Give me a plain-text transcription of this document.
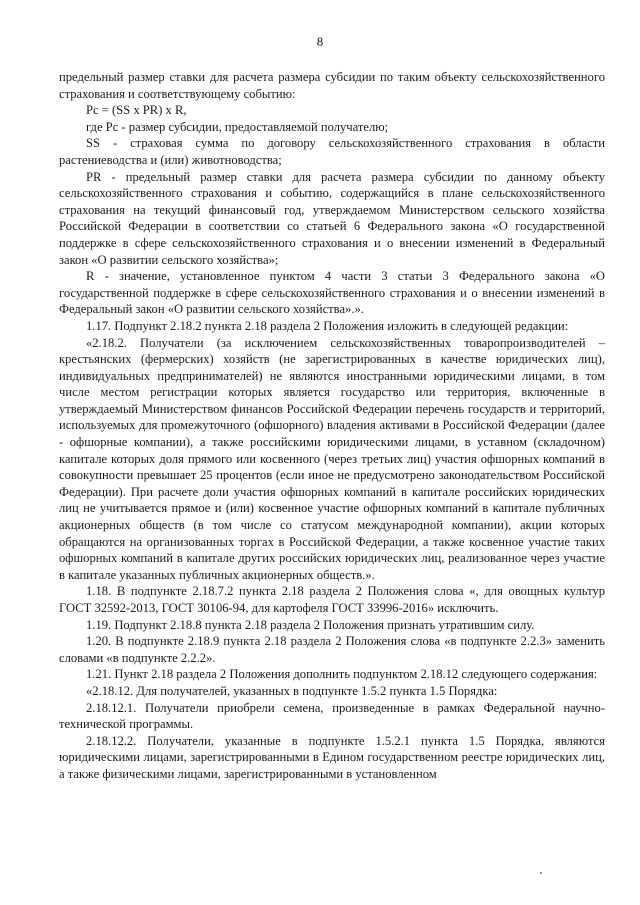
8

предельный размер ставки для расчета размера субсидии по таким объекту сельскохозяйственного страхования и соответствующему событию:

Рс = (SS x PR) x R,

где Рс - размер субсидии, предоставляемой получателю;

SS - страховая сумма по договору сельскохозяйственного страхования в области растениеводства и (или) животноводства;

PR - предельный размер ставки для расчета размера субсидии по данному объекту сельскохозяйственного страхования и событию, содержащийся в плане сельскохозяйственного страхования на текущий финансовый год, утверждаемом Министерством сельского хозяйства Российской Федерации в соответствии со статьей 6 Федерального закона «О государственной поддержке в сфере сельскохозяйственного страхования и о внесении изменений в Федеральный закон «О развитии сельского хозяйства»;

R - значение, установленное пунктом 4 части 3 статьи 3 Федерального закона «О государственной поддержке в сфере сельскохозяйственного страхования и о внесении изменений в Федеральный закон «О развитии сельского хозяйства».».

1.17. Подпункт 2.18.2 пункта 2.18 раздела 2 Положения изложить в следующей редакции:

«2.18.2. Получатели (за исключением сельскохозяйственных товаропроизводителей – крестьянских (фермерских) хозяйств (не зарегистрированных в качестве юридических лиц), индивидуальных предпринимателей) не являются иностранными юридическими лицами, в том числе местом регистрации которых является государство или территория, включенные в утверждаемый Министерством финансов Российской Федерации перечень государств и территорий, используемых для промежуточного (офшорного) владения активами в Российской Федерации (далее - офшорные компании), а также российскими юридическими лицами, в уставном (складочном) капитале которых доля прямого или косвенного (через третьих лиц) участия офшорных компаний в совокупности превышает 25 процентов (если иное не предусмотрено законодательством Российской Федерации). При расчете доли участия офшорных компаний в капитале российских юридических лиц не учитывается прямое и (или) косвенное участие офшорных компаний в капитале публичных акционерных обществ (в том числе со статусом международной компании), акции которых обращаются на организованных торгах в Российской Федерации, а также косвенное участие таких офшорных компаний в капитале других российских юридических лиц, реализованное через участие в капитале указанных публичных акционерных обществ.».

1.18. В подпункте 2.18.7.2 пункта 2.18 раздела 2 Положения слова «, для овощных культур ГОСТ 32592-2013, ГОСТ 30106-94, для картофеля ГОСТ 33996-2016» исключить.

1.19. Подпункт 2.18.8 пункта 2.18 раздела 2 Положения признать утратившим силу.

1.20. В подпункте 2.18.9 пункта 2.18 раздела 2 Положения слова «в подпункте 2.2.3» заменить словами «в подпункте 2.2.2».

1.21. Пункт 2.18 раздела 2 Положения дополнить подпунктом 2.18.12 следующего содержания:

«2.18.12. Для получателей, указанных в подпункте 1.5.2 пункта 1.5 Порядка:

2.18.12.1. Получатели приобрели семена, произведенные в рамках Федеральной научно-технической программы.

2.18.12.2. Получатели, указанные в подпункте 1.5.2.1 пункта 1.5 Порядка, являются юридическими лицами, зарегистрированными в Едином государственном реестре юридических лиц, а также физическими лицами, зарегистрированными в установленном
